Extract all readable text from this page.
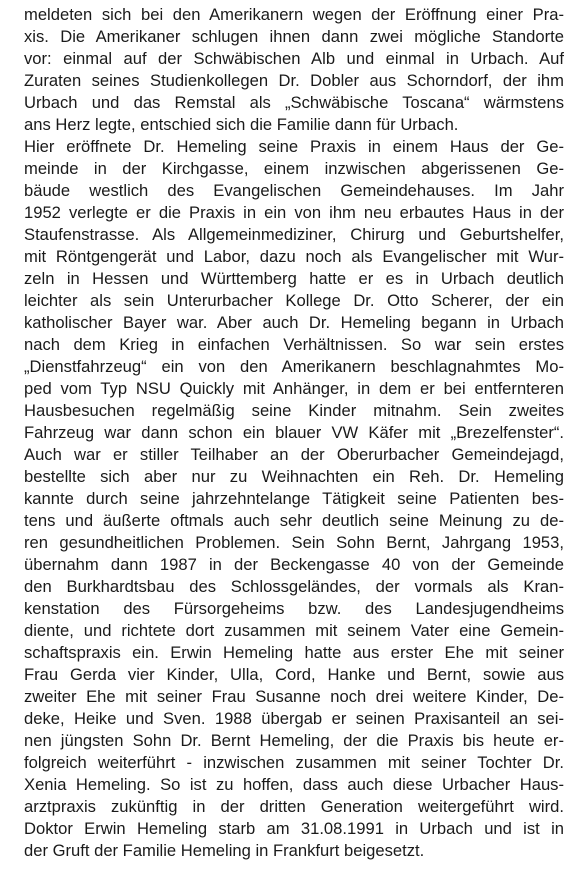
meldeten sich bei den Amerikanern wegen der Eröffnung einer Pra-
xis. Die Amerikaner schlugen ihnen dann zwei mögliche Standorte
vor: einmal auf der Schwäbischen Alb und einmal in Urbach. Auf
Zuraten seines Studienkollegen Dr. Dobler aus Schorndorf, der ihm
Urbach und das Remstal als „Schwäbische Toscana“ wärmstens
ans Herz legte, entschied sich die Familie dann für Urbach.
Hier eröffnete Dr. Hemeling seine Praxis in einem Haus der Ge-
meinde in der Kirchgasse, einem inzwischen abgerissenen Ge-
bäude westlich des Evangelischen Gemeindehauses. Im Jahr
1952 verlegte er die Praxis in ein von ihm neu erbautes Haus in der
Staufenstrasse. Als Allgemeinmediziner, Chirurg und Geburtshelfer,
mit Röntgengerät und Labor, dazu noch als Evangelischer mit Wur-
zeln in Hessen und Württemberg hatte er es in Urbach deutlich
leichter als sein Unterurbacher Kollege Dr. Otto Scherer, der ein
katholischer Bayer war. Aber auch Dr. Hemeling begann in Urbach
nach dem Krieg in einfachen Verhältnissen. So war sein erstes
„Dienstfahrzeug“ ein von den Amerikanern beschlagnahmtes Mo-
ped vom Typ NSU Quickly mit Anhänger, in dem er bei entfernteren
Hausbesuchen regelmäßig seine Kinder mitnahm. Sein zweites
Fahrzeug war dann schon ein blauer VW Käfer mit „Brezelfenster“.
Auch war er stiller Teilhaber an der Oberurbacher Gemeindejagd,
bestellte sich aber nur zu Weihnachten ein Reh. Dr. Hemeling
kannte durch seine jahrzehntelange Tätigkeit seine Patienten bes-
tens und äußerte oftmals auch sehr deutlich seine Meinung zu de-
ren gesundheitlichen Problemen. Sein Sohn Bernt, Jahrgang 1953,
übernahm dann 1987 in der Beckengasse 40 von der Gemeinde
den Burkhardtsbau des Schlossgeländes, der vormals als Kran-
kenstation des Fürsorgeheims bzw. des Landesjugendheims
diente, und richtete dort zusammen mit seinem Vater eine Gemein-
schaftspraxis ein. Erwin Hemeling hatte aus erster Ehe mit seiner
Frau Gerda vier Kinder, Ulla, Cord, Hanke und Bernt, sowie aus
zweiter Ehe mit seiner Frau Susanne noch drei weitere Kinder, De-
deke, Heike und Sven. 1988 übergab er seinen Praxisanteil an sei-
nen jüngsten Sohn Dr. Bernt Hemeling, der die Praxis bis heute er-
folgreich weiterführt - inzwischen zusammen mit seiner Tochter Dr.
Xenia Hemeling. So ist zu hoffen, dass auch diese Urbacher Haus-
arztpraxis zukünftig in der dritten Generation weitergeführt wird.
Doktor Erwin Hemeling starb am 31.08.1991 in Urbach und ist in
der Gruft der Familie Hemeling in Frankfurt beigesetzt.
